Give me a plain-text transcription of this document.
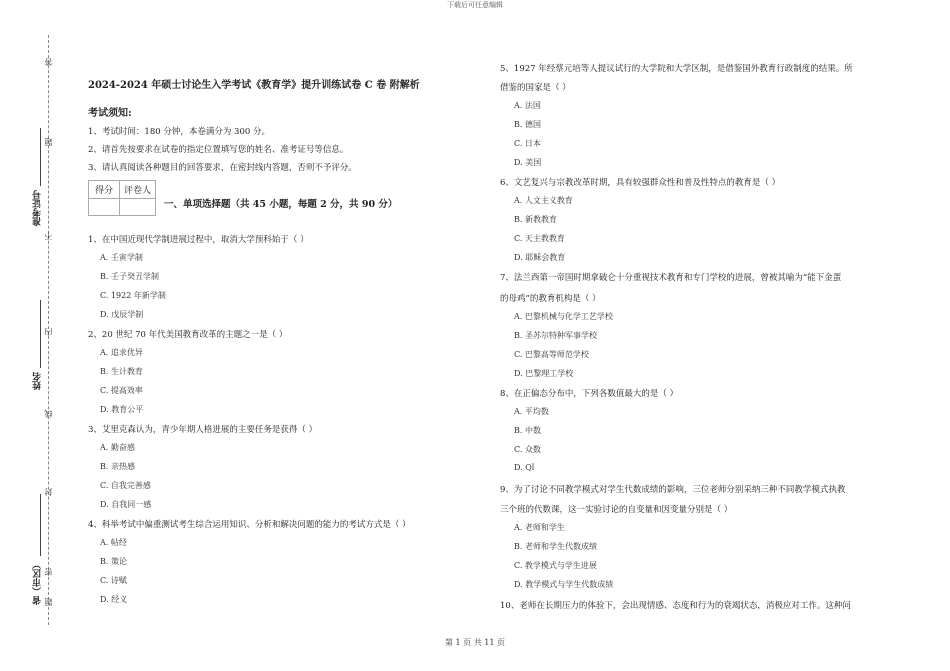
下载后可任意编辑
第 1 页 共 11 页
答
题
不
内
线
封
密
题
准考证号
姓名
省（市区）
2024-2024 年硕士讨论生入学考试《教育学》提升训练试卷 C 卷 附解析
考试须知:
1、考试时间：180 分钟，本卷满分为 300 分。
2、请首先按要求在试卷的指定位置填写您的姓名、准考证号等信息。
3、请认真阅读各种题目的回答要求，在密封线内答题，否则不予评分。
得分	评卷人

一、单项选择题（共 45 小题，每题 2 分，共 90 分）
1、在中国近现代学制进展过程中，取消大学预科始于（ ）
A. 壬寅学制
B. 壬子癸丑学制
C. 1922 年新学制
D. 戊辰学制
2、20 世纪 70 年代美国教育改革的主题之一是（ ）
A. 追求优异
B. 生计教育
C. 提高效率
D. 教育公平
3、艾里克森认为，青少年期人格进展的主要任务是获得（ ）
A. 勤奋感
B. 亲热感
C. 自我完善感
D. 自我同一感
4、科举考试中偏重测试考生综合运用知识、分析和解决问题的能力的考试方式是（ ）
A. 帖经
B. 策论
C. 诗赋
D. 经义
5、1927 年经蔡元培等人提议试行的大学院和大学区制，是借鉴国外教育行政制度的结果。所
借鉴的国家是（ ）
A. 法国
B. 德国
C. 日本
D. 美国
6、文艺复兴与宗教改革时期，具有较强群众性和普及性特点的教育是（ ）
A. 人文主义教育
B. 新教教育
C. 天主教教育
D. 耶稣会教育
7、法兰西第一帝国时期拿破仑十分重视技术教育和专门学校的进展，曾被其喻为“能下金蛋
的母鸡”的教育机构是（ ）
A. 巴黎机械与化学工艺学校
B. 圣苏尔特种军事学校
C. 巴黎高等师范学校
D. 巴黎理工学校
8、在正偏态分布中，下列各数值最大的是（ ）
A. 平均数
B. 中数
C. 众数
D. Ql
9、为了讨论不同教学模式对学生代数成绩的影响，三位老师分别采纳三种不同教学模式执教
三个班的代数课，这一实验讨论的自变量和因变量分别是（ ）
A. 老师和学生
B. 老师和学生代数成绩
C. 教学模式与学生进展
D. 教学模式与学生代数成绩
10、老师在长期压力的体验下，会出现情感、态度和行为的衰竭状态，消极应对工作。这种问
